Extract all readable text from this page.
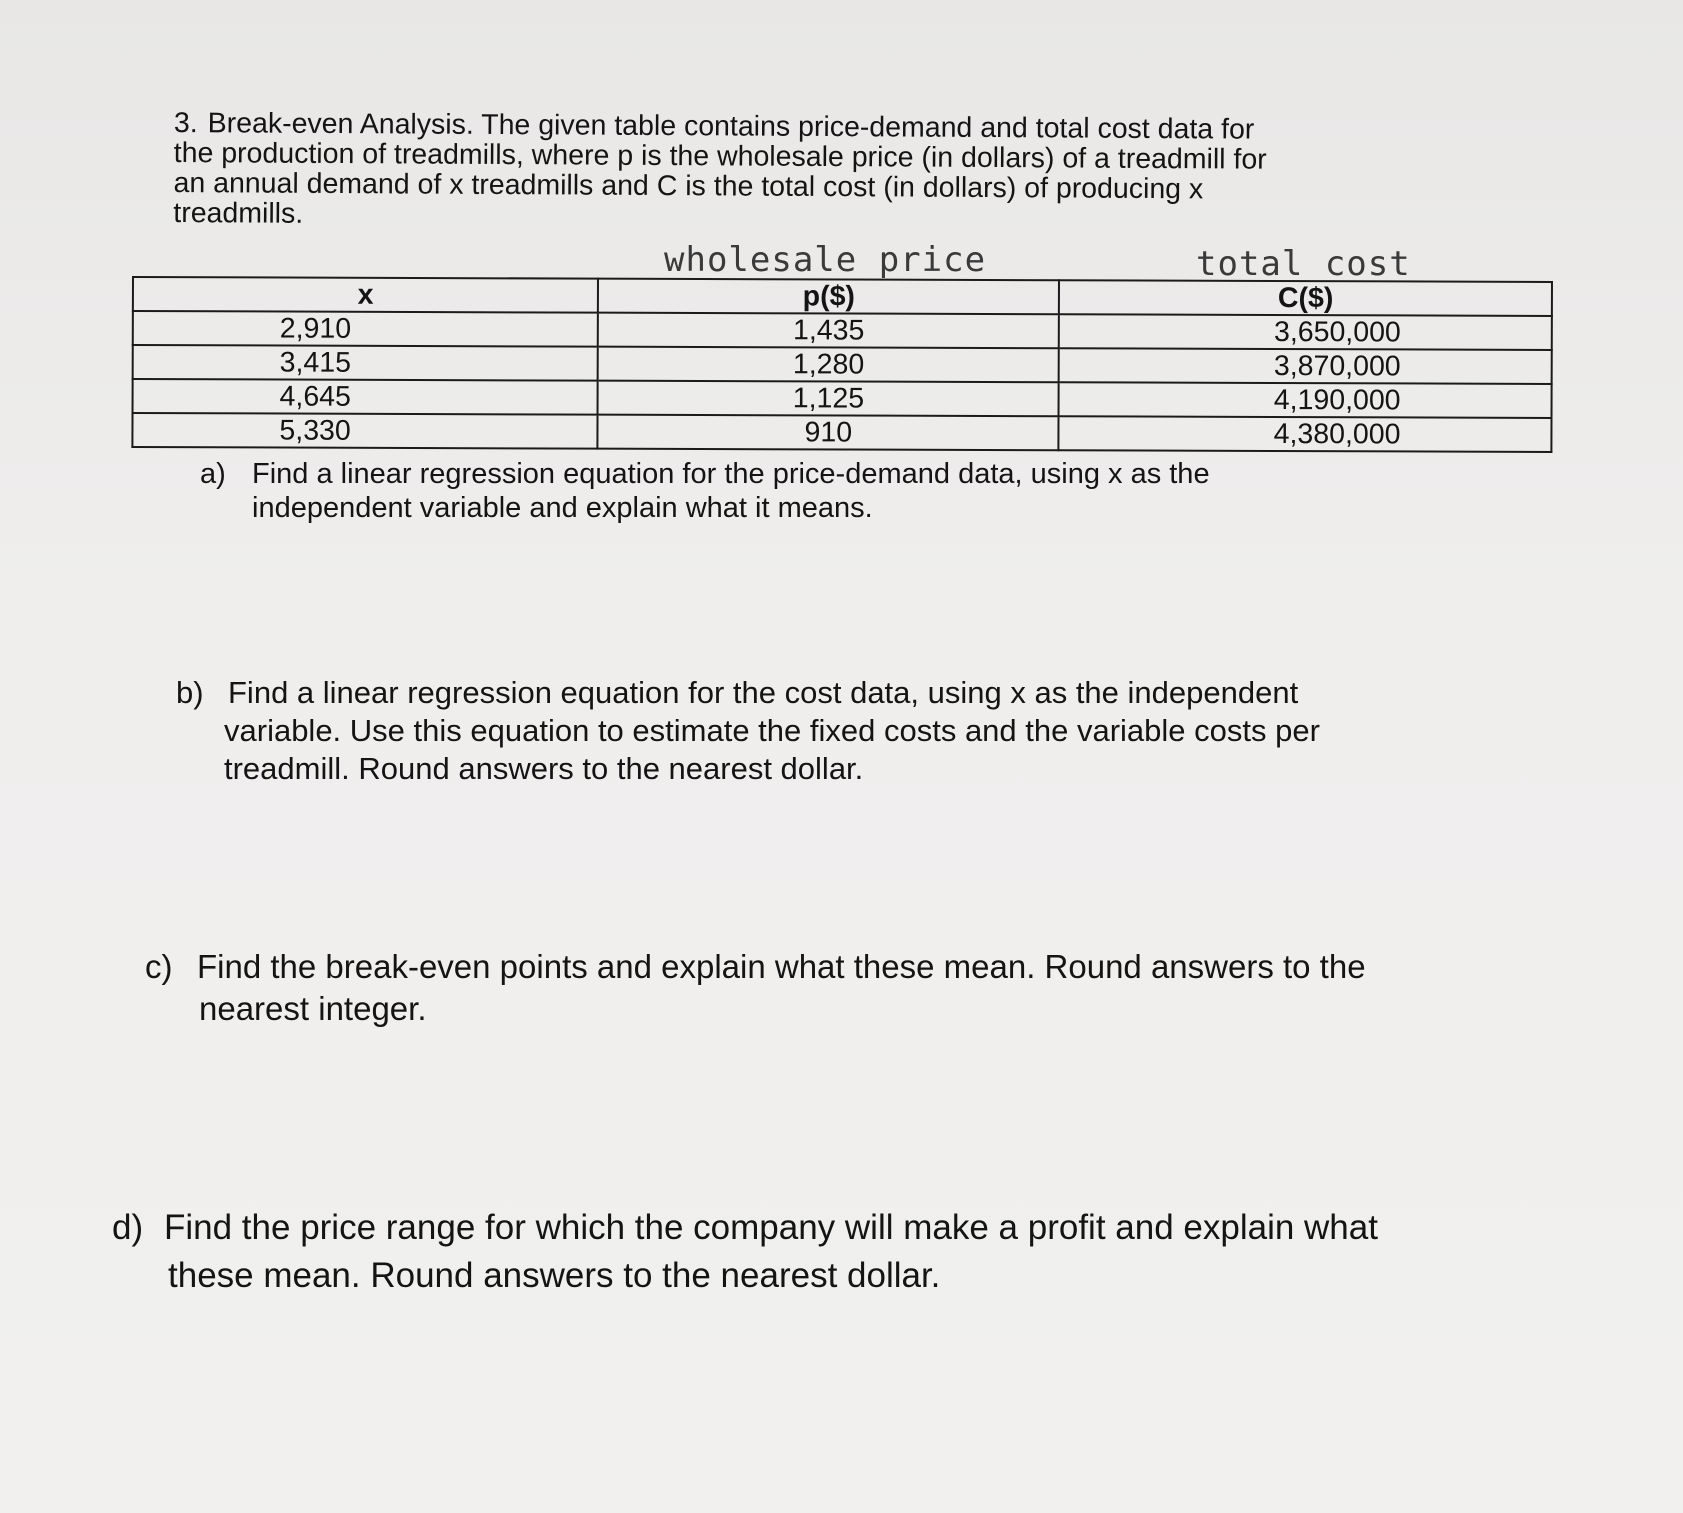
3. Break-even Analysis. The given table contains price-demand and total cost data for
the production of treadmills, where p is the wholesale price (in dollars) of a treadmill for
an annual demand of x treadmills and C is the total cost (in dollars) of producing x
treadmills.
wholesale price	total cost
x	p($)	C($)
2,910	1,435	3,650,000
3,415	1,280	3,870,000
4,645	1,125	4,190,000
5,330	910	4,380,000
a) Find a linear regression equation for the price-demand data, using x as the
independent variable and explain what it means.
b) Find a linear regression equation for the cost data, using x as the independent
variable. Use this equation to estimate the fixed costs and the variable costs per
treadmill. Round answers to the nearest dollar.
c) Find the break-even points and explain what these mean. Round answers to the
nearest integer.
d) Find the price range for which the company will make a profit and explain what
these mean. Round answers to the nearest dollar.
